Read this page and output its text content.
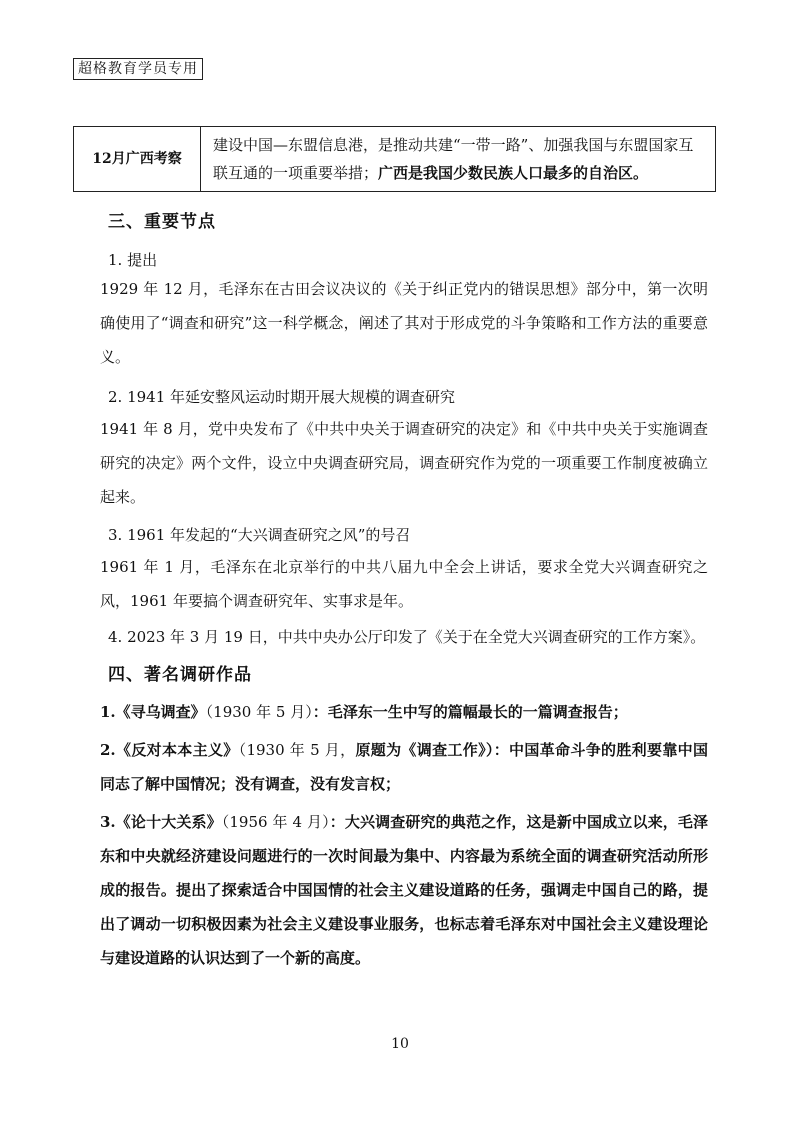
超格教育学员专用
12月广西考察	建设中国—东盟信息港，是推动共建“一带一路”、加强我国与东盟国家互联互通的一项重要举措；广西是我国少数民族人口最多的自治区。
三、重要节点
1. 提出
1929 年 12 月，毛泽东在古田会议决议的《关于纠正党内的错误思想》部分中，第一次明确使用了“调查和研究”这一科学概念，阐述了其对于形成党的斗争策略和工作方法的重要意义。
2. 1941 年延安整风运动时期开展大规模的调查研究
1941 年 8 月，党中央发布了《中共中央关于调查研究的决定》和《中共中央关于实施调查研究的决定》两个文件，设立中央调查研究局，调查研究作为党的一项重要工作制度被确立起来。
3. 1961 年发起的“大兴调查研究之风”的号召
1961 年 1 月，毛泽东在北京举行的中共八届九中全会上讲话，要求全党大兴调查研究之风，1961 年要搞个调查研究年、实事求是年。
4. 2023 年 3 月 19 日，中共中央办公厅印发了《关于在全党大兴调查研究的工作方案》。
四、著名调研作品
1.《寻乌调查》（1930 年 5 月）：毛泽东一生中写的篇幅最长的一篇调查报告；
2.《反对本本主义》（1930 年 5 月，原题为《调查工作》）：中国革命斗争的胜利要靠中国同志了解中国情况；没有调查，没有发言权；
3.《论十大关系》（1956 年 4 月）：大兴调查研究的典范之作，这是新中国成立以来，毛泽东和中央就经济建设问题进行的一次时间最为集中、内容最为系统全面的调查研究活动所形成的报告。提出了探索适合中国国情的社会主义建设道路的任务，强调走中国自己的路，提出了调动一切积极因素为社会主义建设事业服务，也标志着毛泽东对中国社会主义建设理论与建设道路的认识达到了一个新的高度。
10
